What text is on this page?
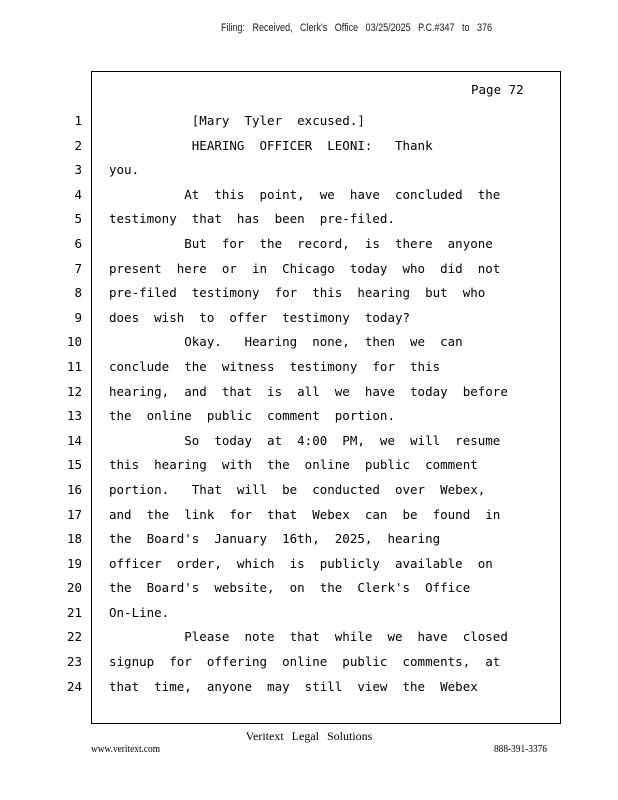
Filing: Received, Clerk's Office 03/25/2025 P.C.#347 to 376
Page 72
1
2
3
4
5
6
7
8
9
10
11
12
13
14
15
16
17
18
19
20
21
22
23
24
[Mary  Tyler  excused.]
HEARING  OFFICER  LEONI:   Thank
you.
At  this  point,  we  have  concluded  the
testimony  that  has  been  pre-filed.
But  for  the  record,  is  there  anyone
present  here  or  in  Chicago  today  who  did  not
pre-filed  testimony  for  this  hearing  but  who
does  wish  to  offer  testimony  today?
Okay.   Hearing  none,  then  we  can
conclude  the  witness  testimony  for  this
hearing,  and  that  is  all  we  have  today  before
the  online  public  comment  portion.
So  today  at  4:00  PM,  we  will  resume
this  hearing  with  the  online  public  comment
portion.   That  will  be  conducted  over  Webex,
and  the  link  for  that  Webex  can  be  found  in
the  Board's  January  16th,  2025,  hearing
officer  order,  which  is  publicly  available  on
the  Board's  website,  on  the  Clerk's  Office
On-Line.
Please  note  that  while  we  have  closed
signup  for  offering  online  public  comments,  at
that  time,  anyone  may  still  view  the  Webex
Veritext Legal Solutions
www.veritext.com	888-391-3376
